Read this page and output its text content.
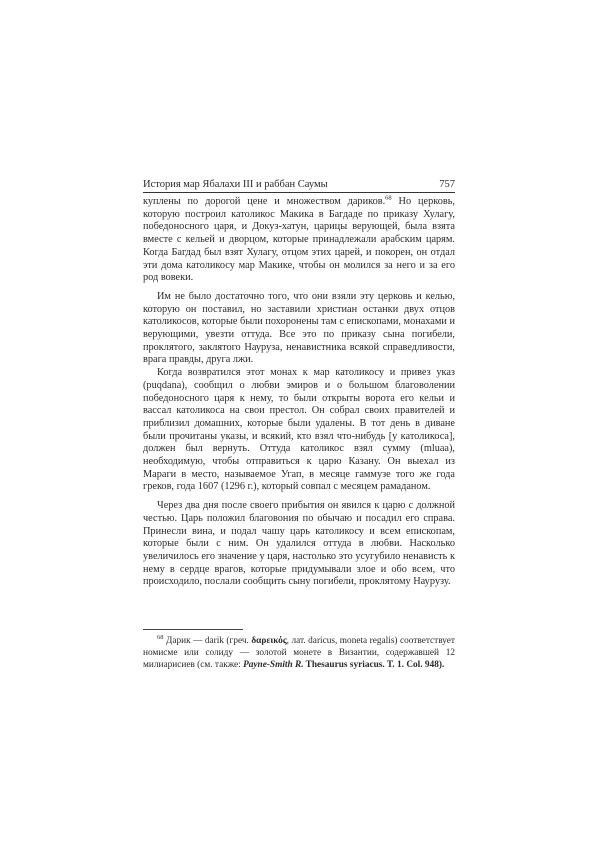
История мар Ябалахи III и раббан Саумы	757

куплены по дорогой цене и множеством дариков.$^{68}$ Но церковь, которую построил католикос Макика в Багдаде по приказу Хулагу, победоносного царя, и Докуз-хатун, царицы верующей, была взята вместе с кельей и дворцом, которые принадлежали арабским царям. Когда Багдад был взят Хулагу, отцом этих царей, и покорен, он отдал эти дома католикосу мар Макике, чтобы он молился за него и за его род вовеки.

Им не было достаточно того, что они взяли эту церковь и келью, которую он поставил, но заставили христиан останки двух отцов католикосов, которые были похоронены там с епископами, монахами и верующими, увезти оттуда. Все это по приказу сына погибели, проклятого, заклятого Наурузa, ненавистника всякой справедливости, врага правды, друга лжи.

Когда возвратился этот монах к мар католикосу и привез указ (puqdana), сообщил о любви эмиров и о большом благоволении победоносного царя к нему, то были открыты ворота его кельи и вассал католикоса на свои престол. Он собрал своих правителей и приблизил домашних, которые были удалены. В тот день в диване были прочитаны указы, и всякий, кто взял что-нибудь [у католикоса], должен был вернуть. Оттуда католикос взял сумму (mluaa), необходимую, чтобы отправиться к царю Казану. Он выехал из Мараги в место, называемое Угап, в месяце гаммузе того же года греков, года 1607 (1296 г.), который совпал с месяцем рамаданом.

Через два дня после своего прибытия он явился к царю с должной честью. Царь положил благовония по обычаю и посадил его справа. Принесли вина, и подал чашу царь католикосу и всем епископам, которые были с ним. Он удалился оттуда в любви. Насколько увеличилось его значение у царя, настолько это усугубило ненависть к нему в сердце врагов, которые придумывали злое и обо всем, что происходило, послали сообщить сыну погибели, проклятому Наурузу.

$^{68}$ Дарик — darik (греч. δαρεικός, лат. daricus, moneta regalis) соответствует номисме или солиду — золотой монете в Византии, содержавшей 12 милиарисиев (см. также: Payne-Smith R. Thesaurus syriacus. T. 1. Col. 948).
